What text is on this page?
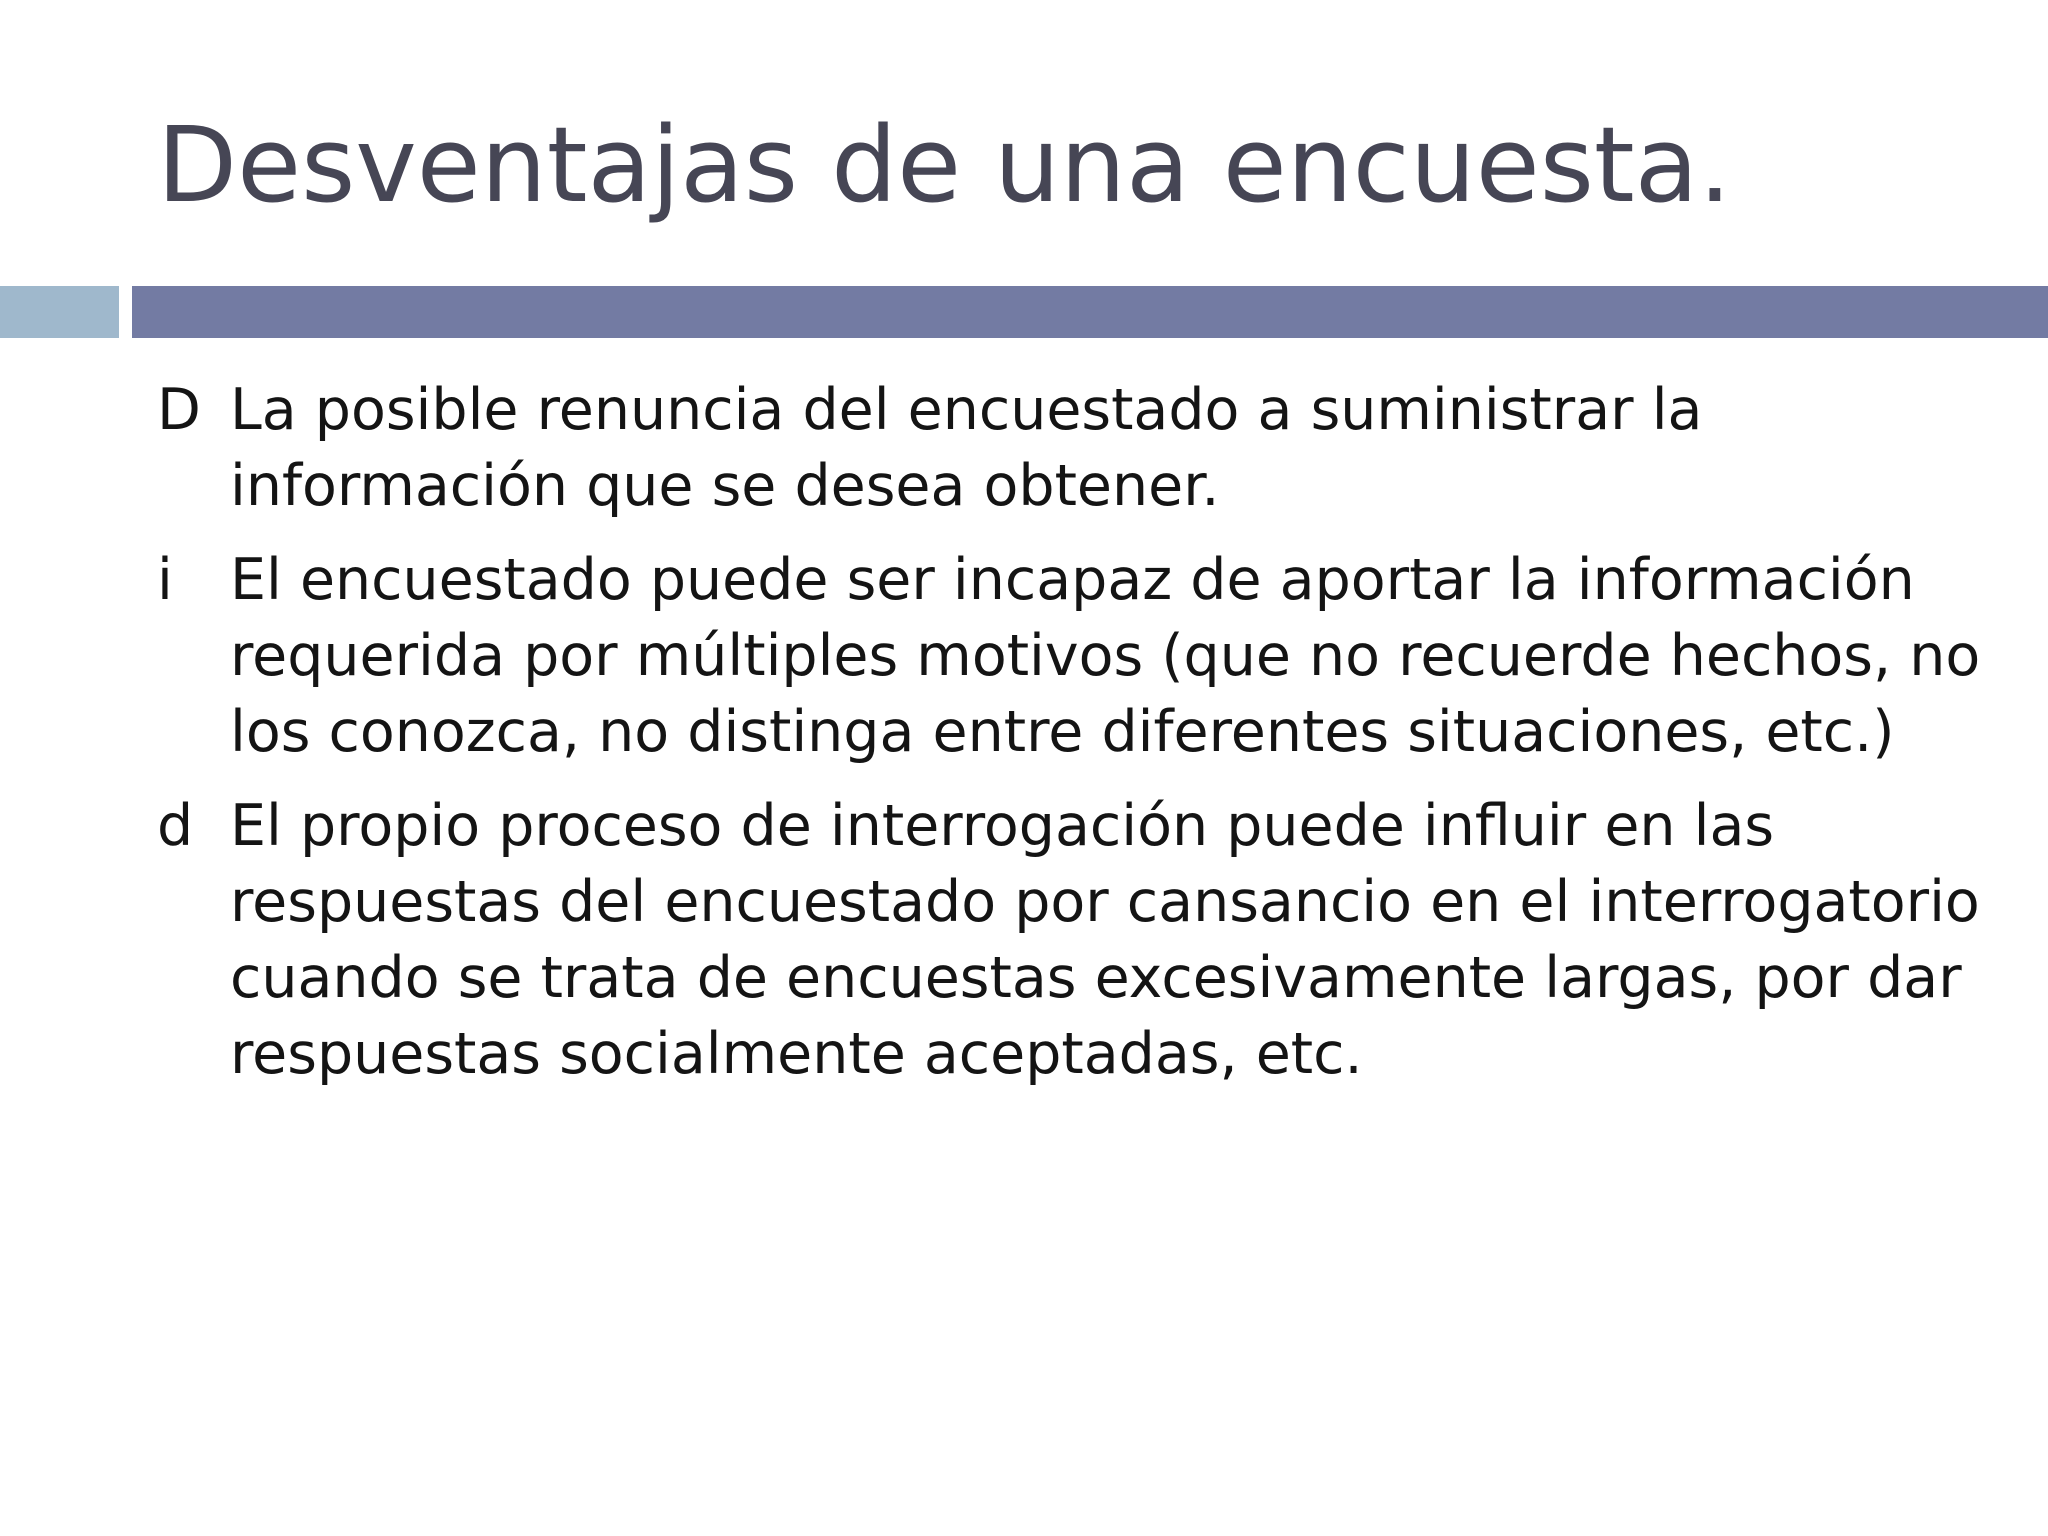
Desventajas de una encuesta.
D La posible renuncia del encuestado a suministrar la información que se desea obtener.
i	El encuestado puede ser incapaz de aportar la información requerida por múltiples motivos (que no recuerde hechos, no los conozca, no distinga entre diferentes situaciones, etc.)
d El propio proceso de interrogación puede influir en las respuestas del encuestado por cansancio en el interrogatorio cuando se trata de encuestas excesivamente largas, por dar respuestas socialmente aceptadas, etc.
